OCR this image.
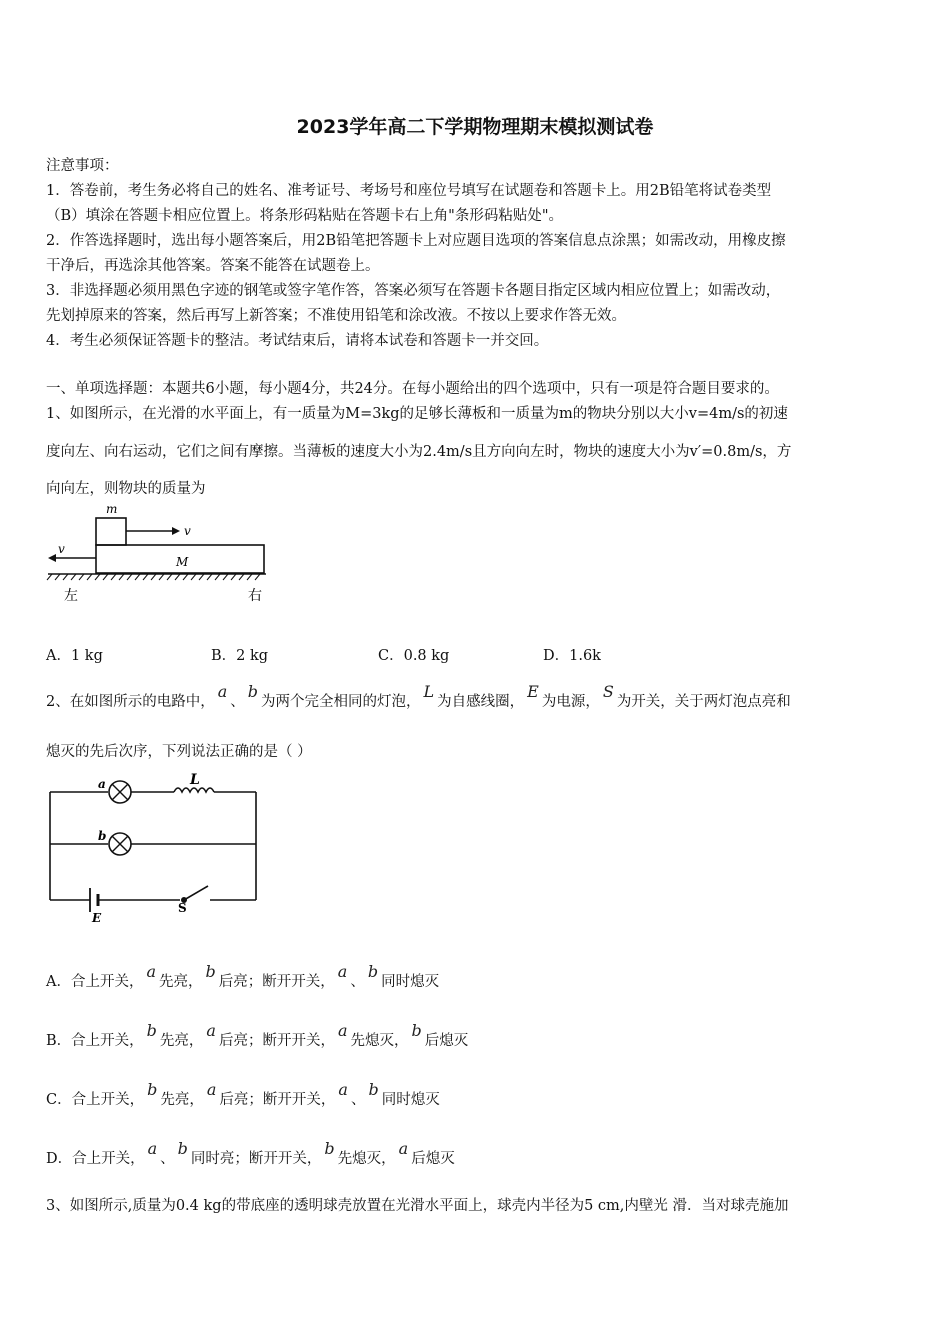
2023学年高二下学期物理期末模拟测试卷
注意事项：
1．答卷前，考生务必将自己的姓名、准考证号、考场号和座位号填写在试题卷和答题卡上。用2B铅笔将试卷类型
（B）填涂在答题卡相应位置上。将条形码粘贴在答题卡右上角"条形码粘贴处"。
2．作答选择题时，选出每小题答案后，用2B铅笔把答题卡上对应题目选项的答案信息点涂黑；如需改动，用橡皮擦
干净后，再选涂其他答案。答案不能答在试题卷上。
3．非选择题必须用黑色字迹的钢笔或签字笔作答，答案必须写在答题卡各题目指定区域内相应位置上；如需改动，
先划掉原来的答案，然后再写上新答案；不准使用铅笔和涂改液。不按以上要求作答无效。
4．考生必须保证答题卡的整洁。考试结束后，请将本试卷和答题卡一并交回。
一、单项选择题：本题共6小题，每小题4分，共24分。在每小题给出的四个选项中，只有一项是符合题目要求的。
1、如图所示，在光滑的水平面上，有一质量为M=3kg的足够长薄板和一质量为m的物块分别以大小v=4m/s的初速
度向左、向右运动，它们之间有摩擦。当薄板的速度大小为2.4m/s且方向向左时，物块的速度大小为v′=0.8m/s，方
向向左，则物块的质量为
m
v
M
v
左	右
A．1 kg	B．2 kg	C．0.8 kg	D．1.6k
2、在如图所示的电路中，a、b为两个完全相同的灯泡，L为自感线圈，E为电源，S为开关，关于两灯泡点亮和
熄灭的先后次序，下列说法正确的是（ ）
L
a
b
E
S
A．合上开关，a先亮，b后亮；断开开关，a、b同时熄灭
B．合上开关，b先亮，a后亮；断开开关，a先熄灭，b后熄灭
C．合上开关，b先亮，a后亮；断开开关，a、b同时熄灭
D．合上开关，a、b同时亮；断开开关，b先熄灭，a后熄灭
3、如图所示,质量为0.4 kg的带底座的透明球壳放置在光滑水平面上，球壳内半径为5 cm,内壁光 滑．当对球壳施加
